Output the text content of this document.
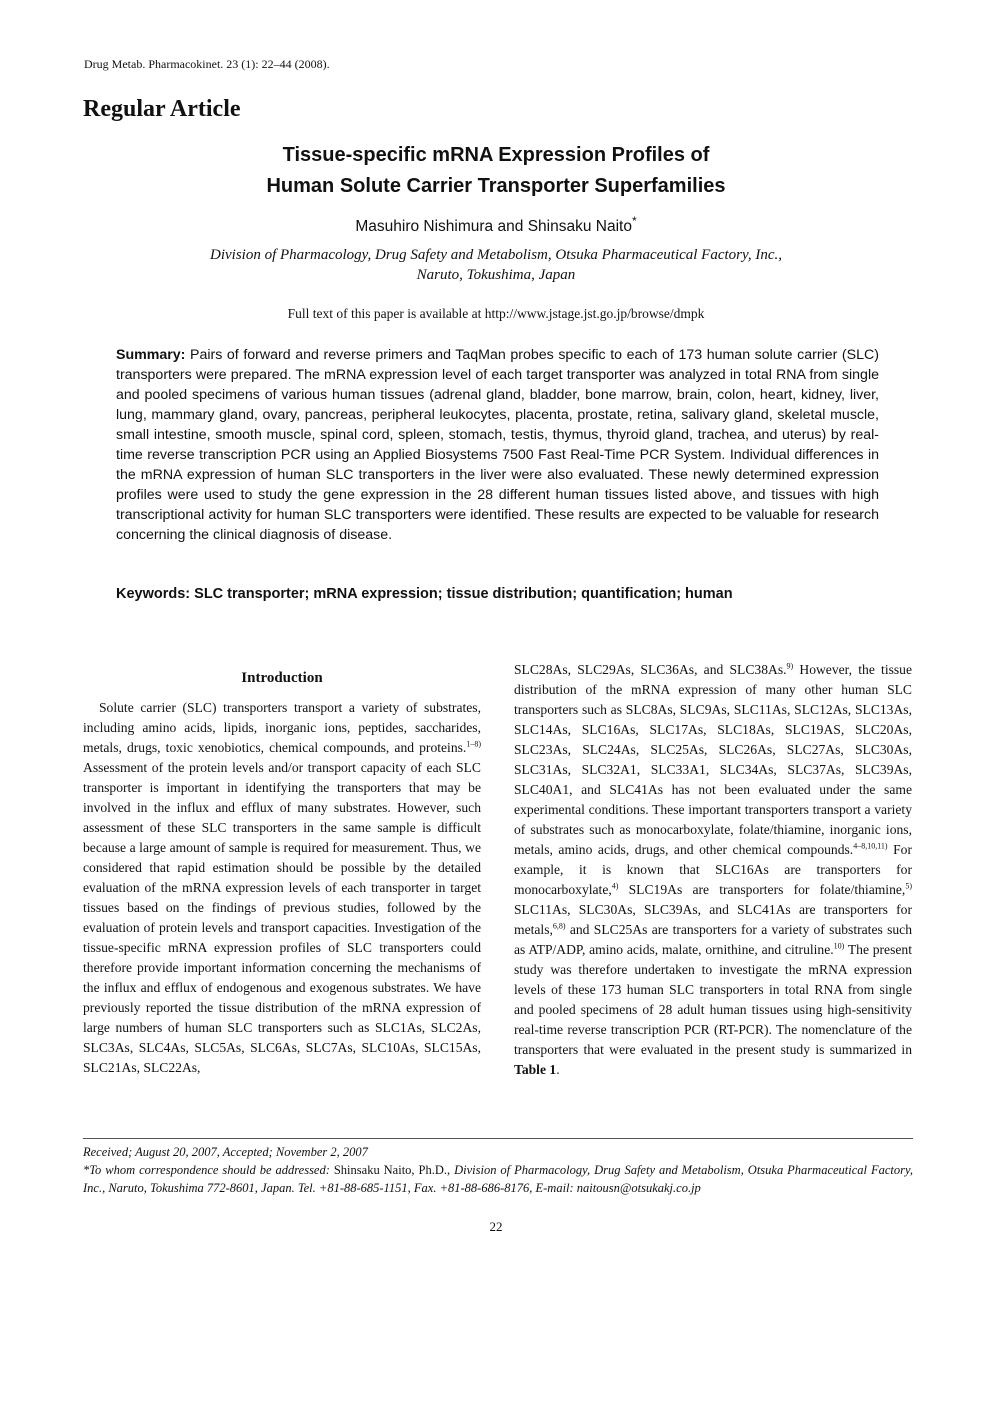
Drug Metab. Pharmacokinet. 23 (1): 22–44 (2008).
Regular Article
Tissue-specific mRNA Expression Profiles of
Human Solute Carrier Transporter Superfamilies
Masuhiro Nishimura and Shinsaku Naito*
Division of Pharmacology, Drug Safety and Metabolism, Otsuka Pharmaceutical Factory, Inc.,
Naruto, Tokushima, Japan
Full text of this paper is available at http://www.jstage.jst.go.jp/browse/dmpk
Summary: Pairs of forward and reverse primers and TaqMan probes specific to each of 173 human solute carrier (SLC) transporters were prepared. The mRNA expression level of each target transporter was analyzed in total RNA from single and pooled specimens of various human tissues (adrenal gland, bladder, bone marrow, brain, colon, heart, kidney, liver, lung, mammary gland, ovary, pancreas, peripheral leukocytes, placenta, prostate, retina, salivary gland, skeletal muscle, small intestine, smooth muscle, spinal cord, spleen, stomach, testis, thymus, thyroid gland, trachea, and uterus) by real-time reverse transcription PCR using an Applied Biosystems 7500 Fast Real-Time PCR System. Individual differences in the mRNA expression of human SLC transporters in the liver were also evaluated. These newly determined expression profiles were used to study the gene expression in the 28 different human tissues listed above, and tissues with high transcriptional activity for human SLC transporters were identified. These results are expected to be valuable for research concerning the clinical diagnosis of disease.
Keywords: SLC transporter; mRNA expression; tissue distribution; quantification; human
Introduction
Solute carrier (SLC) transporters transport a variety of substrates, including amino acids, lipids, inorganic ions, peptides, saccharides, metals, drugs, toxic xenobiotics, chemical compounds, and proteins.$^{1-8)}$ Assessment of the protein levels and/or transport capacity of each SLC transporter is important in identifying the transporters that may be involved in the influx and efflux of many substrates. However, such assessment of these SLC transporters in the same sample is difficult because a large amount of sample is required for measurement. Thus, we considered that rapid estimation should be possible by the detailed evaluation of the mRNA expression levels of each transporter in target tissues based on the findings of previous studies, followed by the evaluation of protein levels and transport capacities. Investigation of the tissue-specific mRNA expression profiles of SLC transporters could therefore provide important information concerning the mechanisms of the influx and efflux of endogenous and exogenous substrates. We have previously reported the tissue distribution of the mRNA expression of large numbers of human SLC transporters such as SLC1As, SLC2As, SLC3As, SLC4As, SLC5As, SLC6As, SLC7As, SLC10As, SLC15As, SLC21As, SLC22As,
SLC28As, SLC29As, SLC36As, and SLC38As.$^{9)}$ However, the tissue distribution of the mRNA expression of many other human SLC transporters such as SLC8As, SLC9As, SLC11As, SLC12As, SLC13As, SLC14As, SLC16As, SLC17As, SLC18As, SLC19AS, SLC20As, SLC23As, SLC24As, SLC25As, SLC26As, SLC27As, SLC30As, SLC31As, SLC32A1, SLC33A1, SLC34As, SLC37As, SLC39As, SLC40A1, and SLC41As has not been evaluated under the same experimental conditions. These important transporters transport a variety of substrates such as monocarboxylate, folate/thiamine, inorganic ions, metals, amino acids, drugs, and other chemical compounds.$^{4-8,10,11)}$ For example, it is known that SLC16As are transporters for monocarboxylate,$^{4)}$ SLC19As are transporters for folate/thiamine,$^{5)}$ SLC11As, SLC30As, SLC39As, and SLC41As are transporters for metals,$^{6,8)}$ and SLC25As are transporters for a variety of substrates such as ATP/ADP, amino acids, malate, ornithine, and citruline.$^{10)}$ The present study was therefore undertaken to investigate the mRNA expression levels of these 173 human SLC transporters in total RNA from single and pooled specimens of 28 adult human tissues using high-sensitivity real-time reverse transcription PCR (RT-PCR). The nomenclature of the transporters that were evaluated in the present study is summarized in Table 1.
Received; August 20, 2007, Accepted; November 2, 2007
*To whom correspondence should be addressed: Shinsaku Naito, Ph.D., Division of Pharmacology, Drug Safety and Metabolism, Otsuka Pharmaceutical Factory, Inc., Naruto, Tokushima 772-8601, Japan. Tel. +81-88-685-1151, Fax. +81-88-686-8176, E-mail: naitousn@otsukakj.co.jp
22
